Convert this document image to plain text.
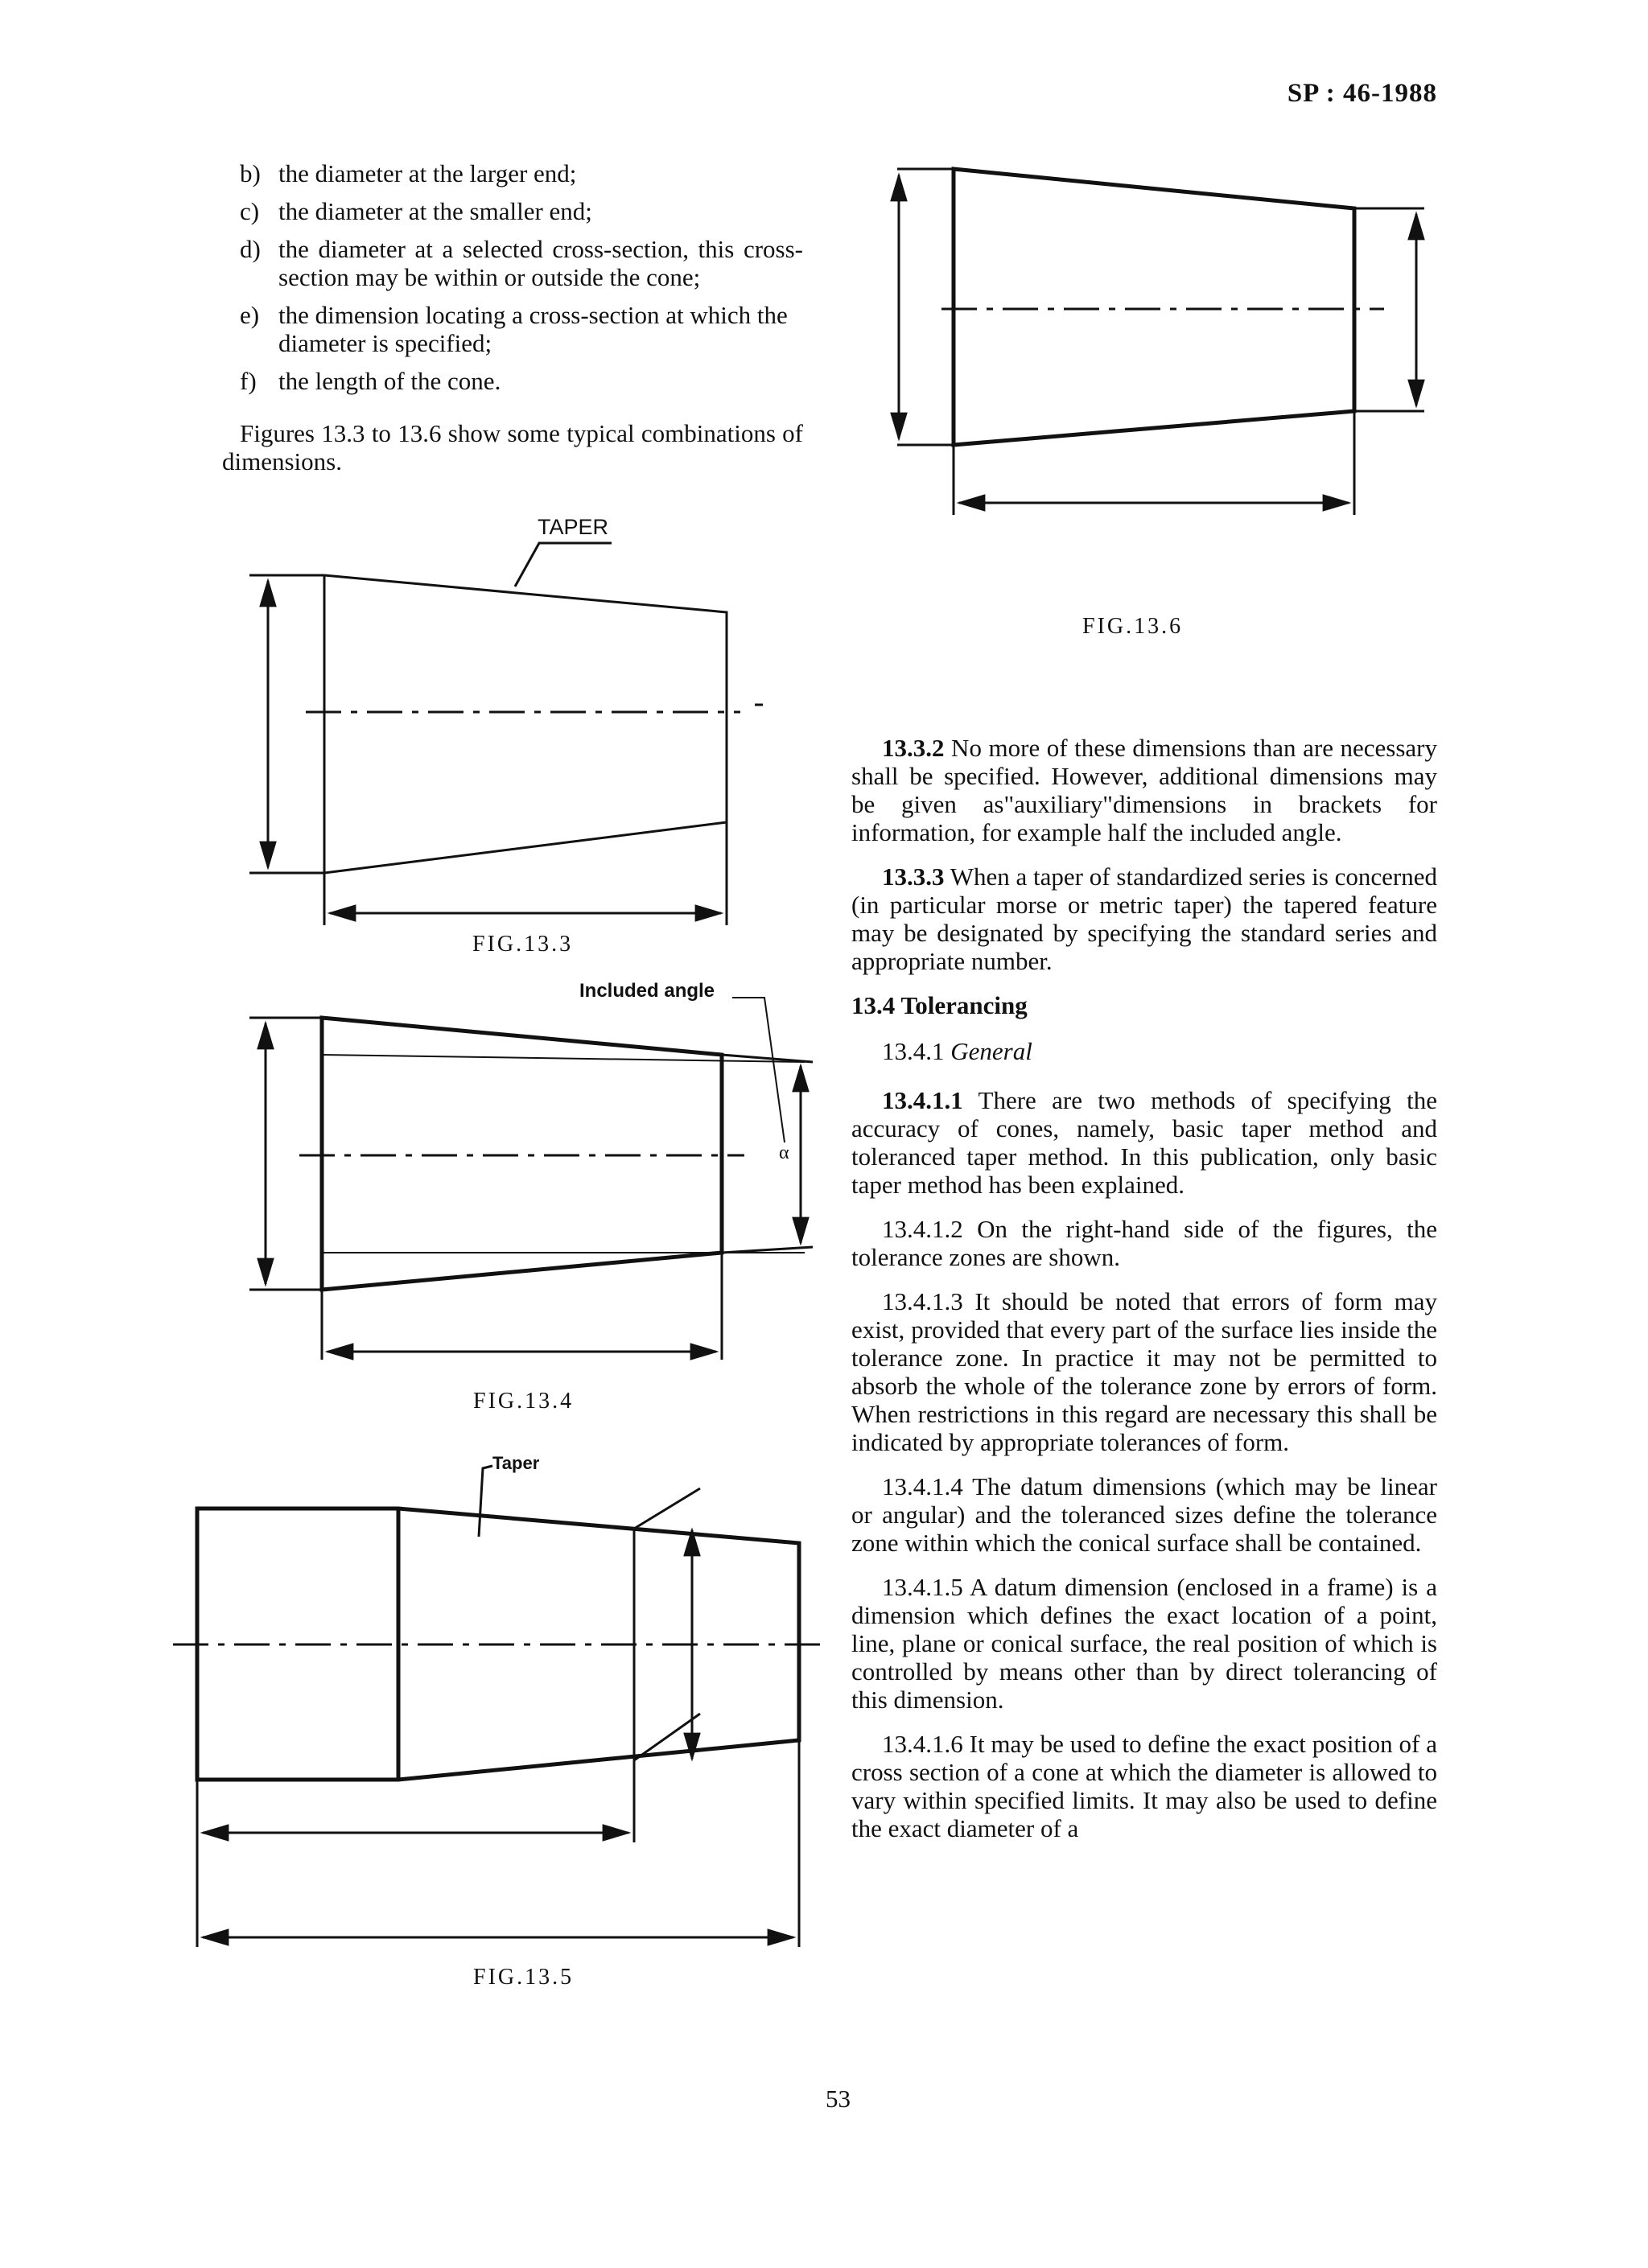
SP : 46-1988
b) the diameter at the larger end;
c) the diameter at the smaller end;
d) the diameter at a selected cross-section, this cross-section may be within or outside the cone;
e) the dimension locating a cross-section at which the diameter is specified;
f) the length of the cone.

Figures 13.3 to 13.6 show some typical combinations of dimensions.

TAPER
FIG.13.3
Included angle
α
FIG.13.4
Taper
FIG.13.5
FIG.13.6

13.3.2 No more of these dimensions than are necessary shall be specified. However, additional dimensions may be given as"auxiliary"dimensions in brackets for information, for example half the included angle.

13.3.3 When a taper of standardized series is concerned (in particular morse or metric taper) the tapered feature may be designated by specifying the standard series and appropriate number.

13.4 Tolerancing

13.4.1 General

13.4.1.1 There are two methods of specifying the accuracy of cones, namely, basic taper method and toleranced taper method. In this publication, only basic taper method has been explained.

13.4.1.2 On the right-hand side of the figures, the tolerance zones are shown.

13.4.1.3 It should be noted that errors of form may exist, provided that every part of the surface lies inside the tolerance zone. In practice it may not be permitted to absorb the whole of the tolerance zone by errors of form. When restrictions in this regard are necessary this shall be indicated by appropriate tolerances of form.

13.4.1.4 The datum dimensions (which may be linear or angular) and the toleranced sizes define the tolerance zone within which the conical surface shall be contained.

13.4.1.5 A datum dimension (enclosed in a frame) is a dimension which defines the exact location of a point, line, plane or conical surface, the real position of which is controlled by means other than by direct tolerancing of this dimension.

13.4.1.6 It may be used to define the exact position of a cross section of a cone at which the diameter is allowed to vary within specified limits. It may also be used to define the exact diameter of a

53
